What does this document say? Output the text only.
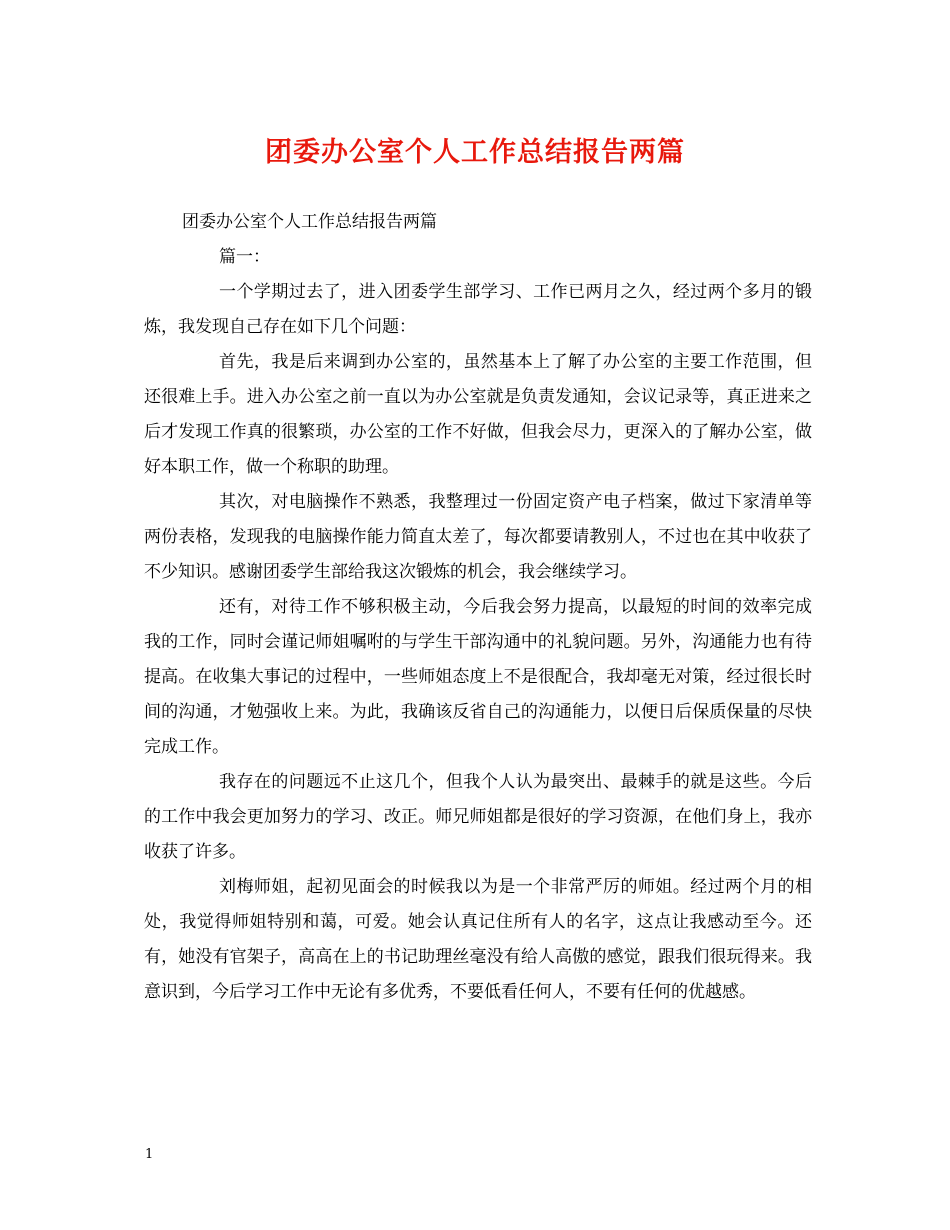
团委办公室个人工作总结报告两篇

团委办公室个人工作总结报告两篇

篇一：

一个学期过去了，进入团委学生部学习、工作已两月之久，经过两个多月的锻炼，我发现自己存在如下几个问题：

首先，我是后来调到办公室的，虽然基本上了解了办公室的主要工作范围，但还很难上手。进入办公室之前一直以为办公室就是负责发通知，会议记录等，真正进来之后才发现工作真的很繁琐，办公室的工作不好做，但我会尽力，更深入的了解办公室，做好本职工作，做一个称职的助理。

其次，对电脑操作不熟悉，我整理过一份固定资产电子档案，做过下家清单等两份表格，发现我的电脑操作能力简直太差了，每次都要请教别人，不过也在其中收获了不少知识。感谢团委学生部给我这次锻炼的机会，我会继续学习。

还有，对待工作不够积极主动，今后我会努力提高，以最短的时间的效率完成我的工作，同时会谨记师姐嘱咐的与学生干部沟通中的礼貌问题。另外，沟通能力也有待提高。在收集大事记的过程中，一些师姐态度上不是很配合，我却毫无对策，经过很长时间的沟通，才勉强收上来。为此，我确该反省自己的沟通能力，以便日后保质保量的尽快完成工作。

我存在的问题远不止这几个，但我个人认为最突出、最棘手的就是这些。今后的工作中我会更加努力的学习、改正。师兄师姐都是很好的学习资源，在他们身上，我亦收获了许多。

刘梅师姐，起初见面会的时候我以为是一个非常严厉的师姐。经过两个月的相处，我觉得师姐特别和蔼，可爱。她会认真记住所有人的名字，这点让我感动至今。还有，她没有官架子，高高在上的书记助理丝毫没有给人高傲的感觉，跟我们很玩得来。我意识到，今后学习工作中无论有多优秀，不要低看任何人，不要有任何的优越感。

1
